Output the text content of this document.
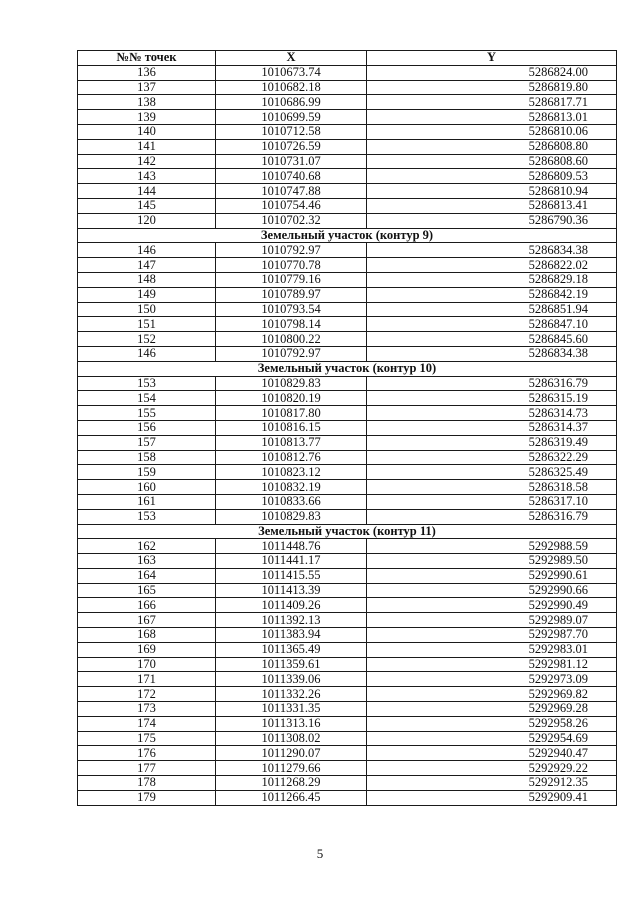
№№ точек	X	Y
136	1010673.74	5286824.00
137	1010682.18	5286819.80
138	1010686.99	5286817.71
139	1010699.59	5286813.01
140	1010712.58	5286810.06
141	1010726.59	5286808.80
142	1010731.07	5286808.60
143	1010740.68	5286809.53
144	1010747.88	5286810.94
145	1010754.46	5286813.41
120	1010702.32	5286790.36
Земельный участок (контур 9)		
146	1010792.97	5286834.38
147	1010770.78	5286822.02
148	1010779.16	5286829.18
149	1010789.97	5286842.19
150	1010793.54	5286851.94
151	1010798.14	5286847.10
152	1010800.22	5286845.60
146	1010792.97	5286834.38
Земельный участок (контур 10)		
153	1010829.83	5286316.79
154	1010820.19	5286315.19
155	1010817.80	5286314.73
156	1010816.15	5286314.37
157	1010813.77	5286319.49
158	1010812.76	5286322.29
159	1010823.12	5286325.49
160	1010832.19	5286318.58
161	1010833.66	5286317.10
153	1010829.83	5286316.79
Земельный участок (контур 11)		
162	1011448.76	5292988.59
163	1011441.17	5292989.50
164	1011415.55	5292990.61
165	1011413.39	5292990.66
166	1011409.26	5292990.49
167	1011392.13	5292989.07
168	1011383.94	5292987.70
169	1011365.49	5292983.01
170	1011359.61	5292981.12
171	1011339.06	5292973.09
172	1011332.26	5292969.82
173	1011331.35	5292969.28
174	1011313.16	5292958.26
175	1011308.02	5292954.69
176	1011290.07	5292940.47
177	1011279.66	5292929.22
178	1011268.29	5292912.35
179	1011266.45	5292909.41
5
